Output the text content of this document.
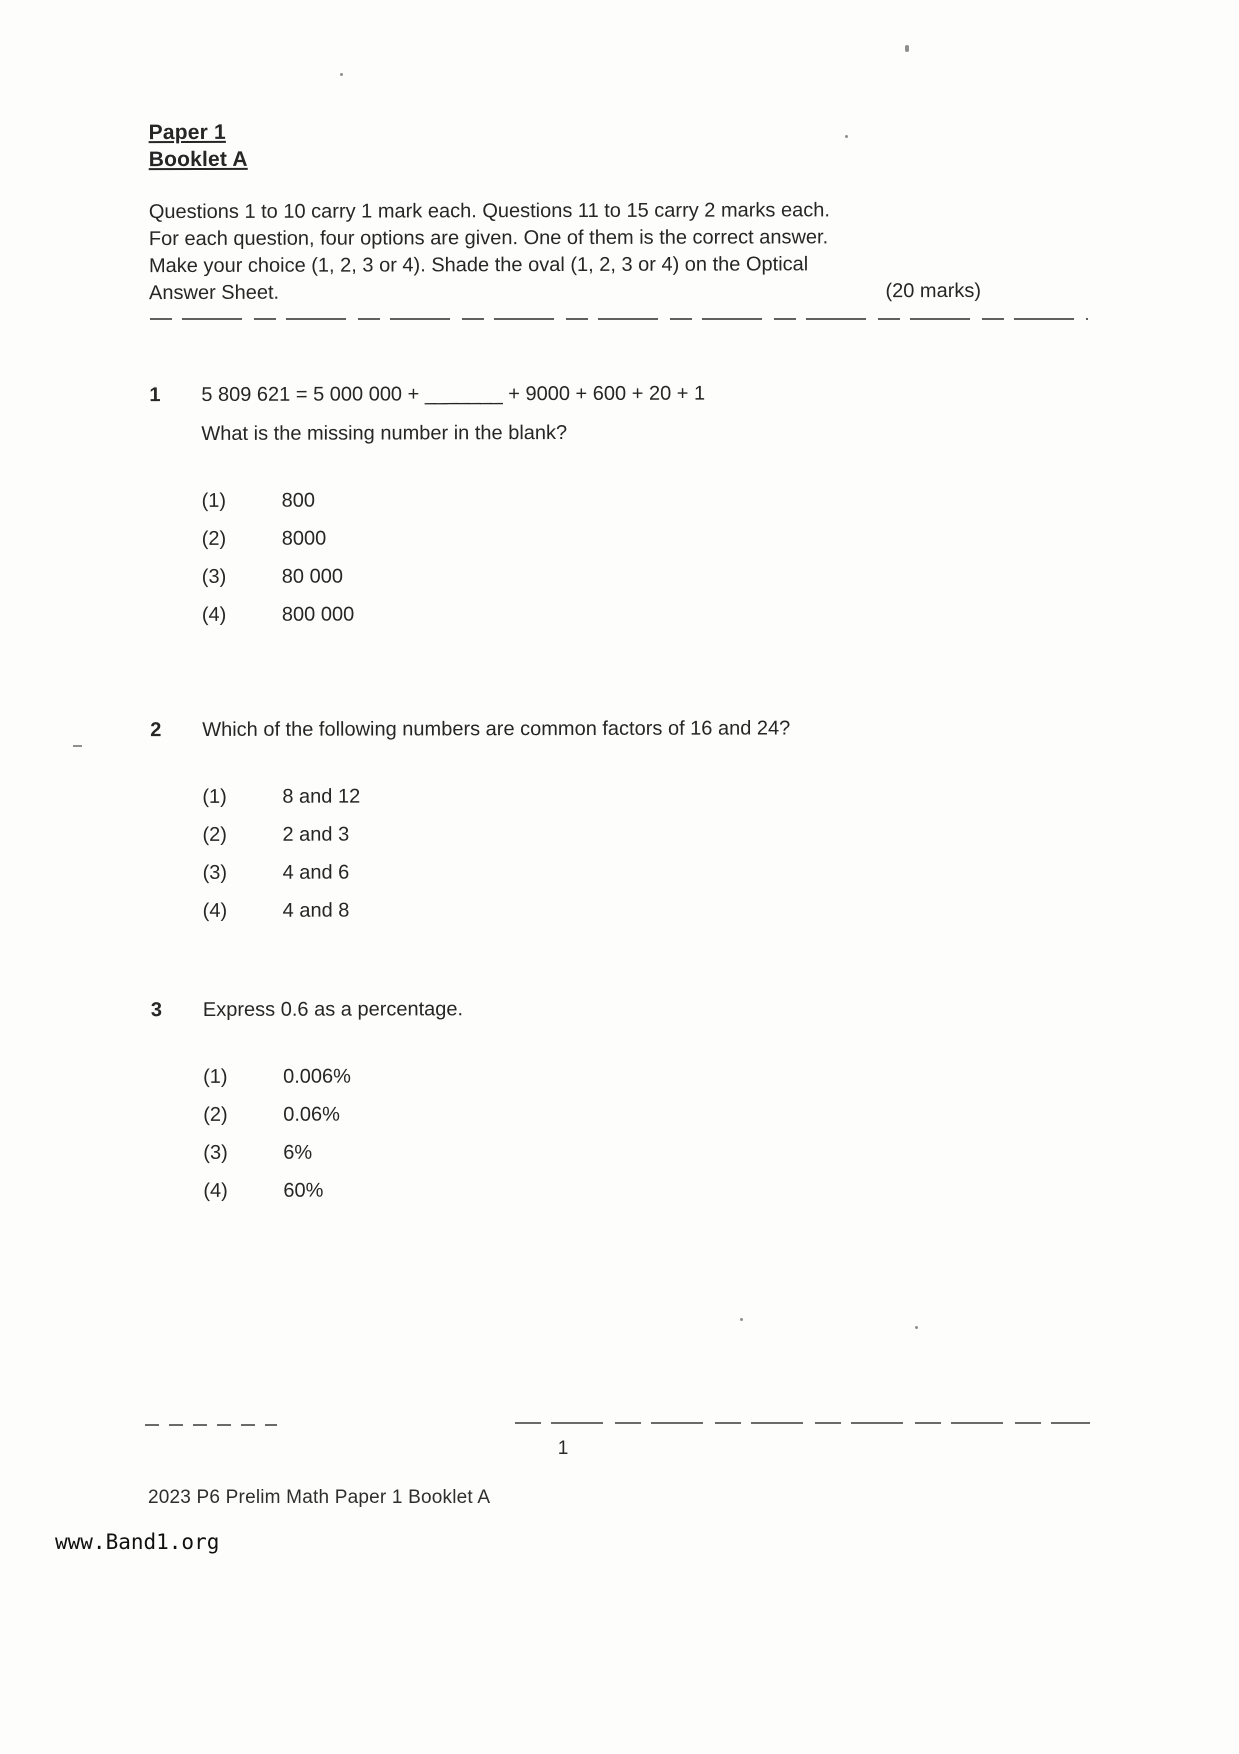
Paper 1
Booklet A
Questions 1 to 10 carry 1 mark each. Questions 11 to 15 carry 2 marks each.
For each question, four options are given. One of them is the correct answer.
Make your choice (1, 2, 3 or 4). Shade the oval (1, 2, 3 or 4) on the Optical
Answer Sheet.	(20 marks)
1	5 809 621 = 5 000 000 + _______ + 9000 + 600 + 20 + 1
What is the missing number in the blank?
(1)	800
(2)	8000
(3)	80 000
(4)	800 000
2	Which of the following numbers are common factors of 16 and 24?
(1)	8 and 12
(2)	2 and 3
(3)	4 and 6
(4)	4 and 8
3	Express 0.6 as a percentage.
(1)	0.006%
(2)	0.06%
(3)	6%
(4)	60%
1
2023 P6 Prelim Math Paper 1 Booklet A
www.Band1.org
